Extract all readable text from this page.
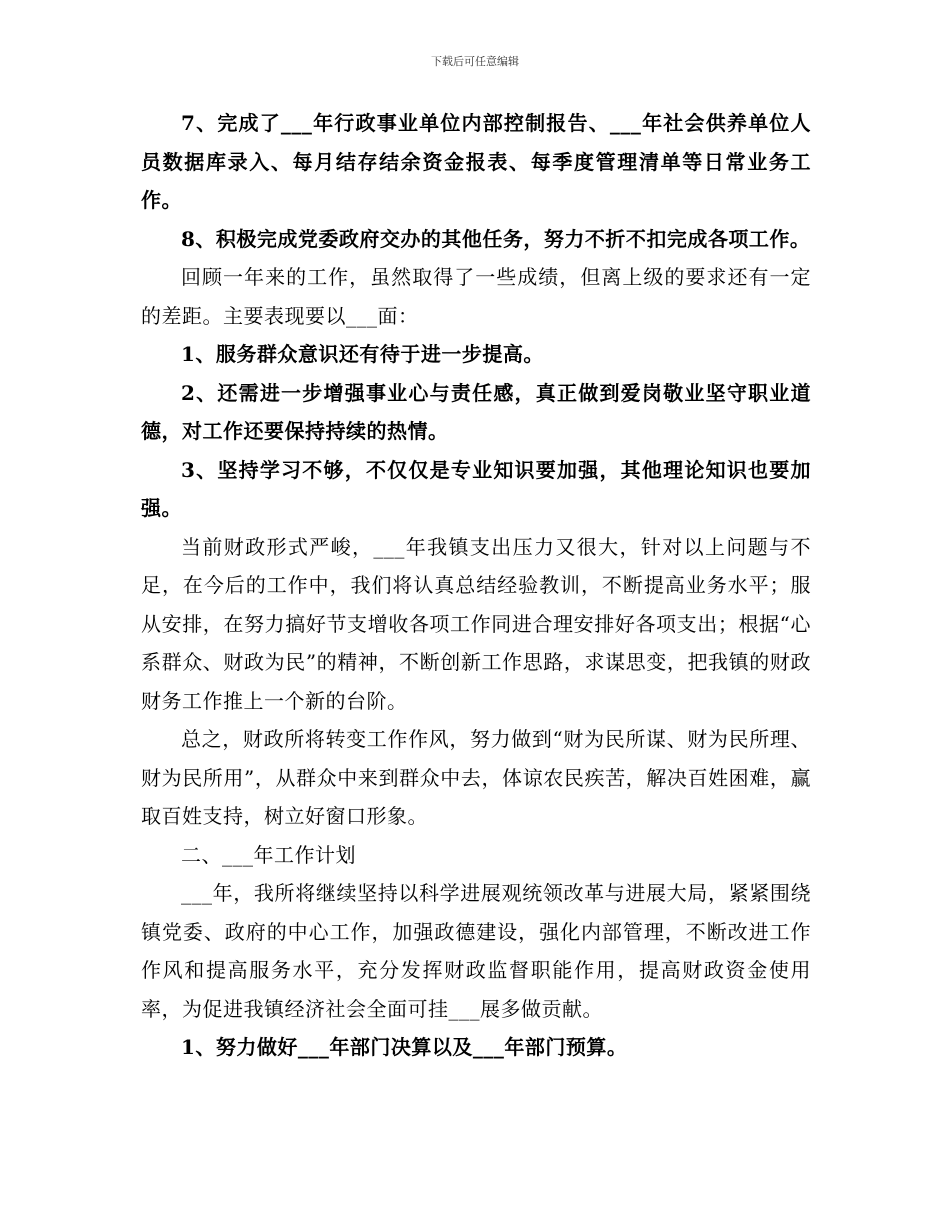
下载后可任意编辑

7、完成了___年行政事业单位内部控制报告、___年社会供养单位人员数据库录入、每月结存结余资金报表、每季度管理清单等日常业务工作。

8、积极完成党委政府交办的其他任务，努力不折不扣完成各项工作。

回顾一年来的工作，虽然取得了一些成绩，但离上级的要求还有一定的差距。主要表现要以___面：

1、服务群众意识还有待于进一步提高。

2、还需进一步增强事业心与责任感，真正做到爱岗敬业坚守职业道德，对工作还要保持持续的热情。

3、坚持学习不够，不仅仅是专业知识要加强，其他理论知识也要加强。

当前财政形式严峻，___年我镇支出压力又很大，针对以上问题与不足，在今后的工作中，我们将认真总结经验教训，不断提高业务水平；服从安排，在努力搞好节支增收各项工作同进合理安排好各项支出；根据“心系群众、财政为民”的精神，不断创新工作思路，求谋思变，把我镇的财政财务工作推上一个新的台阶。

总之，财政所将转变工作作风，努力做到“财为民所谋、财为民所理、财为民所用”，从群众中来到群众中去，体谅农民疾苦，解决百姓困难，赢取百姓支持，树立好窗口形象。

二、___年工作计划

___年，我所将继续坚持以科学进展观统领改革与进展大局，紧紧围绕镇党委、政府的中心工作，加强政德建设，强化内部管理，不断改进工作作风和提高服务水平，充分发挥财政监督职能作用，提高财政资金使用率，为促进我镇经济社会全面可挂___展多做贡献。

1、努力做好___年部门决算以及___年部门预算。
